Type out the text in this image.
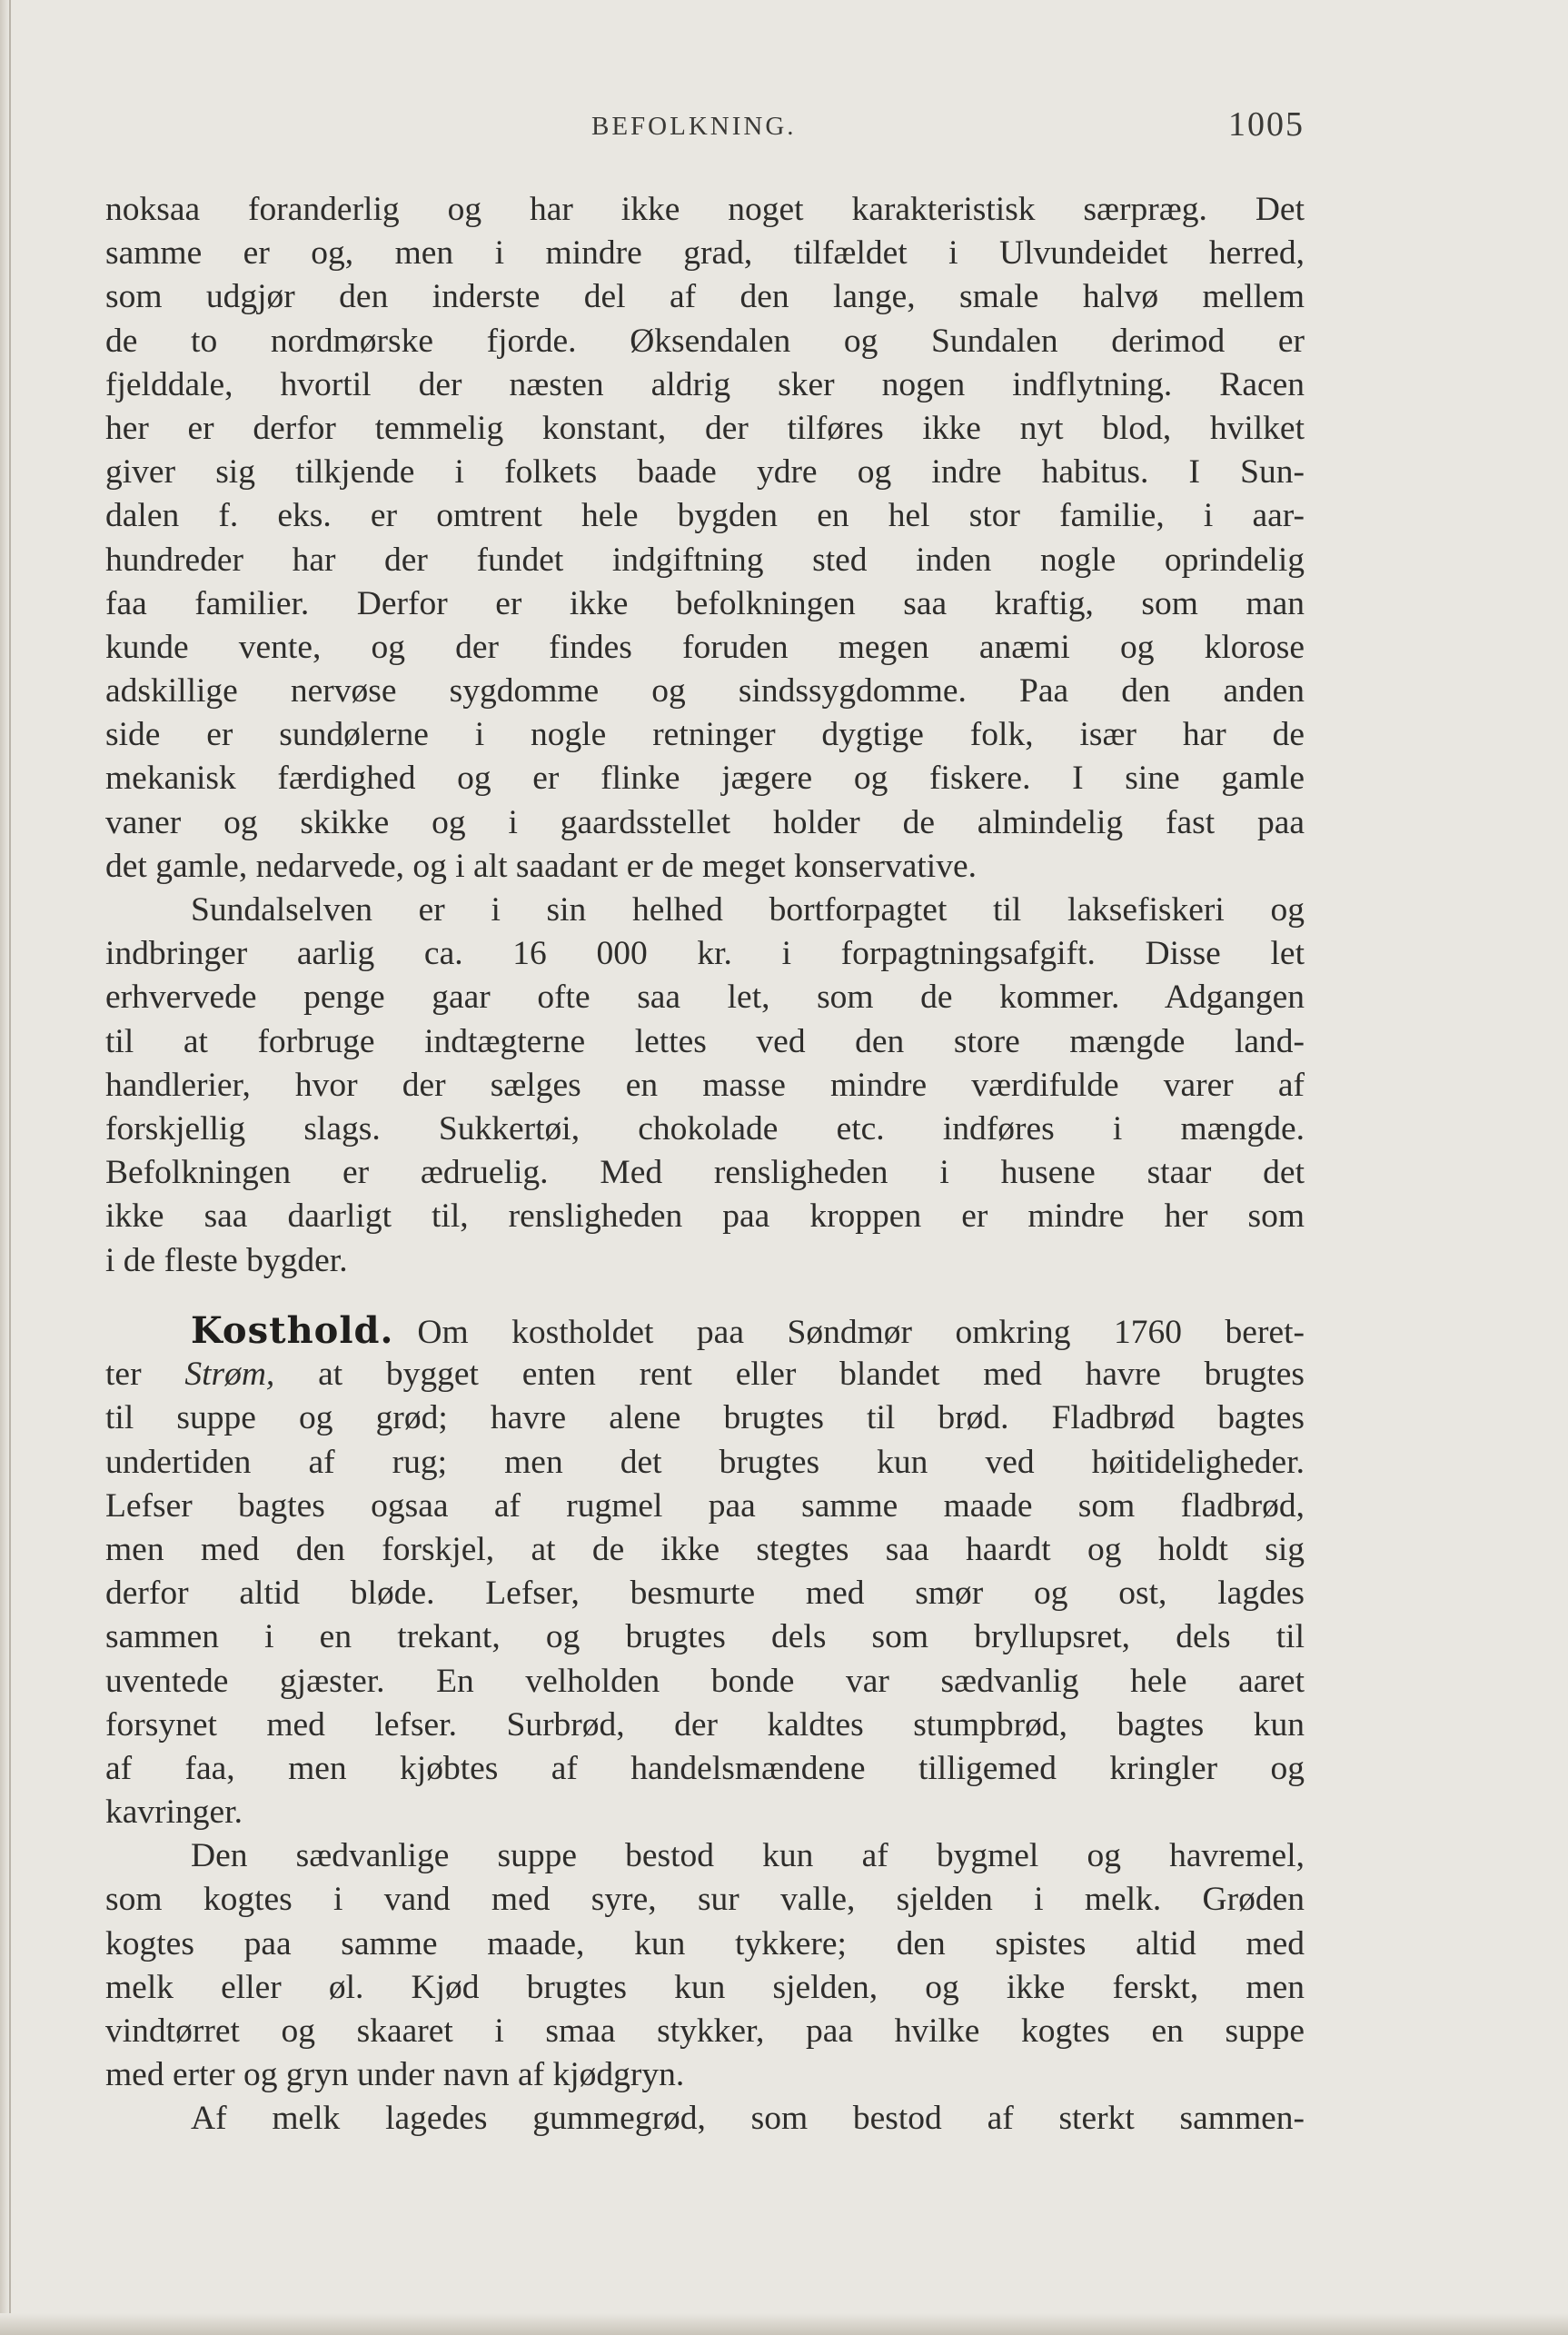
BEFOLKNING.	1005
noksaa foranderlig og har ikke noget karakteristisk særpræg. Det
samme er og, men i mindre grad, tilfældet i Ulvundeidet herred,
som udgjør den inderste del af den lange, smale halvø mellem
de to nordmørske fjorde. Øksendalen og Sundalen derimod er
fjelddale, hvortil der næsten aldrig sker nogen indflytning. Racen
her er derfor temmelig konstant, der tilføres ikke nyt blod, hvilket
giver sig tilkjende i folkets baade ydre og indre habitus. I Sun-
dalen f. eks. er omtrent hele bygden en hel stor familie, i aar-
hundreder har der fundet indgiftning sted inden nogle oprindelig
faa familier. Derfor er ikke befolkningen saa kraftig, som man
kunde vente, og der findes foruden megen anæmi og klorose
adskillige nervøse sygdomme og sindssygdomme. Paa den anden
side er sundølerne i nogle retninger dygtige folk, især har de
mekanisk færdighed og er flinke jægere og fiskere. I sine gamle
vaner og skikke og i gaardsstellet holder de almindelig fast paa
det gamle, nedarvede, og i alt saadant er de meget konservative.
Sundalselven er i sin helhed bortforpagtet til laksefiskeri og
indbringer aarlig ca. 16 000 kr. i forpagtningsafgift. Disse let
erhvervede penge gaar ofte saa let, som de kommer. Adgangen
til at forbruge indtægterne lettes ved den store mængde land-
handlerier, hvor der sælges en masse mindre værdifulde varer af
forskjellig slags. Sukkertøi, chokolade etc. indføres i mængde.
Befolkningen er ædruelig. Med rensligheden i husene staar det
ikke saa daarligt til, rensligheden paa kroppen er mindre her som
i de fleste bygder.
Kosthold. Om kostholdet paa Søndmør omkring 1760 beret-
ter Strøm, at bygget enten rent eller blandet med havre brugtes
til suppe og grød; havre alene brugtes til brød. Fladbrød bagtes
undertiden af rug; men det brugtes kun ved høitideligheder.
Lefser bagtes ogsaa af rugmel paa samme maade som fladbrød,
men med den forskjel, at de ikke stegtes saa haardt og holdt sig
derfor altid bløde. Lefser, besmurte med smør og ost, lagdes
sammen i en trekant, og brugtes dels som bryllupsret, dels til
uventede gjæster. En velholden bonde var sædvanlig hele aaret
forsynet med lefser. Surbrød, der kaldtes stumpbrød, bagtes kun
af faa, men kjøbtes af handelsmændene tilligemed kringler og
kavringer.
Den sædvanlige suppe bestod kun af bygmel og havremel,
som kogtes i vand med syre, sur valle, sjelden i melk. Grøden
kogtes paa samme maade, kun tykkere; den spistes altid med
melk eller øl. Kjød brugtes kun sjelden, og ikke ferskt, men
vindtørret og skaaret i smaa stykker, paa hvilke kogtes en suppe
med erter og gryn under navn af kjødgryn.
Af melk lagedes gummegrød, som bestod af sterkt sammen-
